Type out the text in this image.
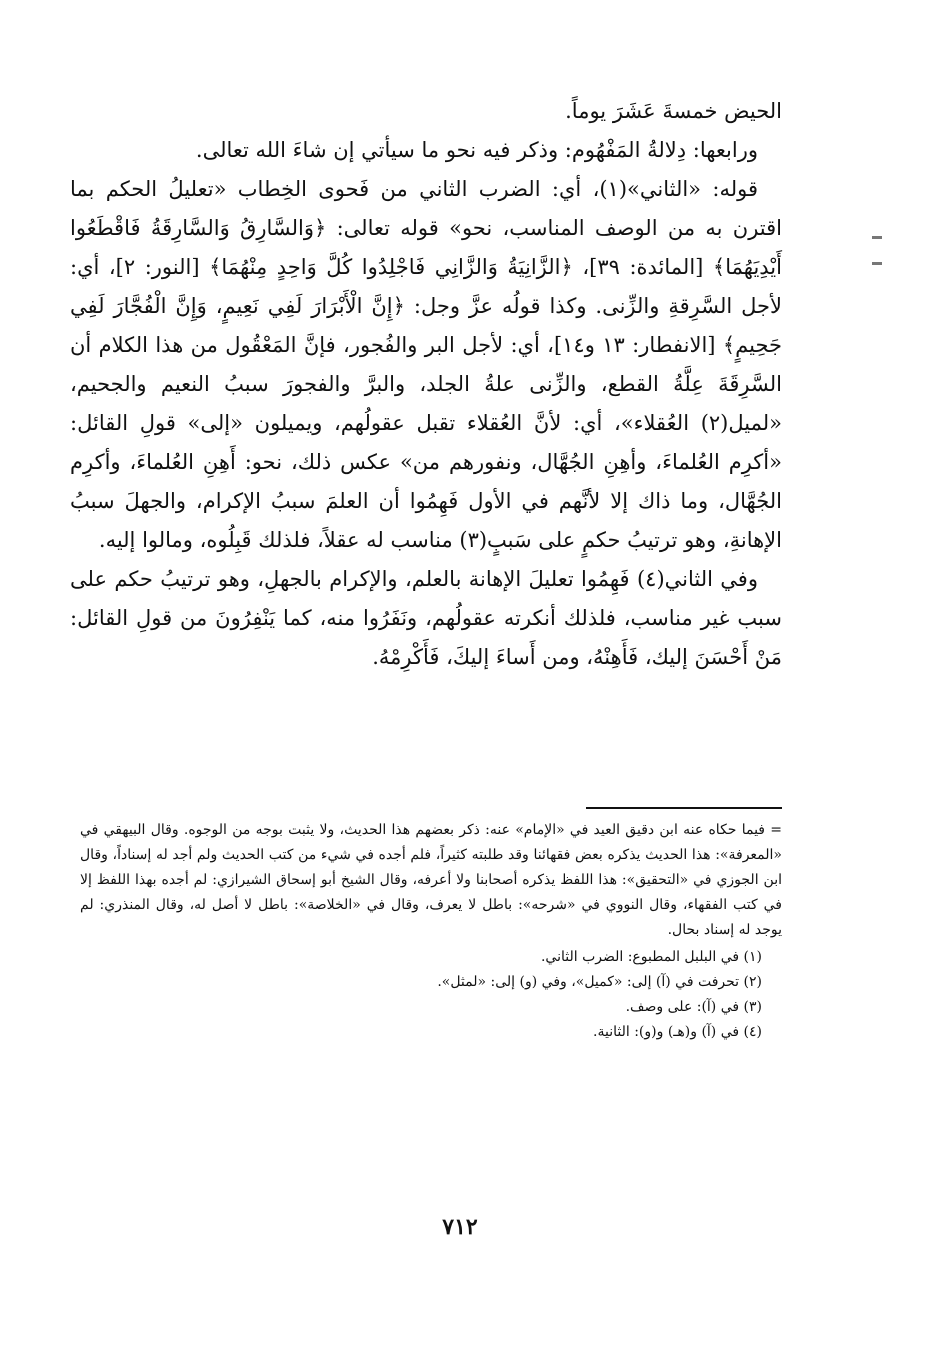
الحيض خمسةَ عَشَرَ يوماً.

ورابعها: دِلالةُ المَفْهُوم: وذكر فيه نحو ما سيأتي إن شاءَ الله تعالى.

قوله: «الثاني»(١)، أي: الضرب الثاني من فَحوى الخِطاب «تعليلُ الحكم بما اقترن به من الوصف المناسب، نحو» قوله تعالى: ﴿وَالسَّارِقُ وَالسَّارِقَةُ فَاقْطَعُوا أَيْدِيَهُمَا﴾ [المائدة: ٣٩]، ﴿الزَّانِيَةُ وَالزَّانِي فَاجْلِدُوا كُلَّ وَاحِدٍ مِنْهُمَا﴾ [النور: ٢]، أي: لأجل السَّرِقةِ والزِّنى. وكذا قولُه عزَّ وجل: ﴿إِنَّ الْأَبْرَارَ لَفِي نَعِيمٍ، وَإِنَّ الْفُجَّارَ لَفِي جَحِيمٍ﴾ [الانفطار: ١٣ و١٤]، أي: لأجل البر والفُجور، فإنَّ المَعْقُول من هذا الكلام أن السَّرِقَةَ عِلَّةُ القطع، والزِّنى علةُ الجلد، والبرَّ والفجورَ سببُ النعيم والجحيم، «لميل(٢) العُقلاء»، أي: لأنَّ العُقلاء تقبل عقولُهم، ويميلون «إلى» قولِ القائل: «أكرِم العُلماءَ، وأهِنِ الجُهَّال، ونفورهم من» عكس ذلك، نحو: أَهِنِ العُلماءَ، وأكرِم الجُهَّال، وما ذاك إلا لأنَّهم في الأول فَهِمُوا أن العلمَ سببُ الإكرام، والجهلَ سببُ الإهانةِ، وهو ترتيبُ حكمٍ على سَببٍ(٣) مناسب له عقلاً، فلذلك قَبِلُوه، ومالوا إليه.

وفي الثاني(٤) فَهِمُوا تعليلَ الإهانة بالعلم، والإكرام بالجهلِ، وهو ترتيبُ حكم على سبب غير مناسب، فلذلك أنكرته عقولُهم، ونَفَرُوا منه، كما يَنْفِرُونَ من قولِ القائل: مَنْ أَحْسَنَ إليك، فَأَهِنْهُ، ومن أَساءَ إليكَ، فَأَكْرِمْهُ.

= فيما حكاه عنه ابن دقيق العيد في «الإمام» عنه: ذكر بعضهم هذا الحديث، ولا يثبت بوجه من الوجوه. وقال البيهقي في «المعرفة»: هذا الحديث يذكره بعض فقهائنا وقد طلبته كثيراً، فلم أجده في شيء من كتب الحديث ولم أجد له إسناداً، وقال ابن الجوزي في «التحقيق»: هذا اللفظ يذكره أصحابنا ولا أعرفه، وقال الشيخ أبو إسحاق الشيرازي: لم أجده بهذا اللفظ إلا في كتب الفقهاء، وقال النووي في «شرحه»: باطل لا يعرف، وقال في «الخلاصة»: باطل لا أصل له، وقال المنذري: لم يوجد له إسناد بحال.

(١) في البلبل المطبوع: الضرب الثاني.

(٢) تحرفت في (آ) إلى: «كميل»، وفي (و) إلى: «لمثل».

(٣) في (آ): على وصف.

(٤) في (آ) و(هـ) و(و): الثانية.

٧١٢
